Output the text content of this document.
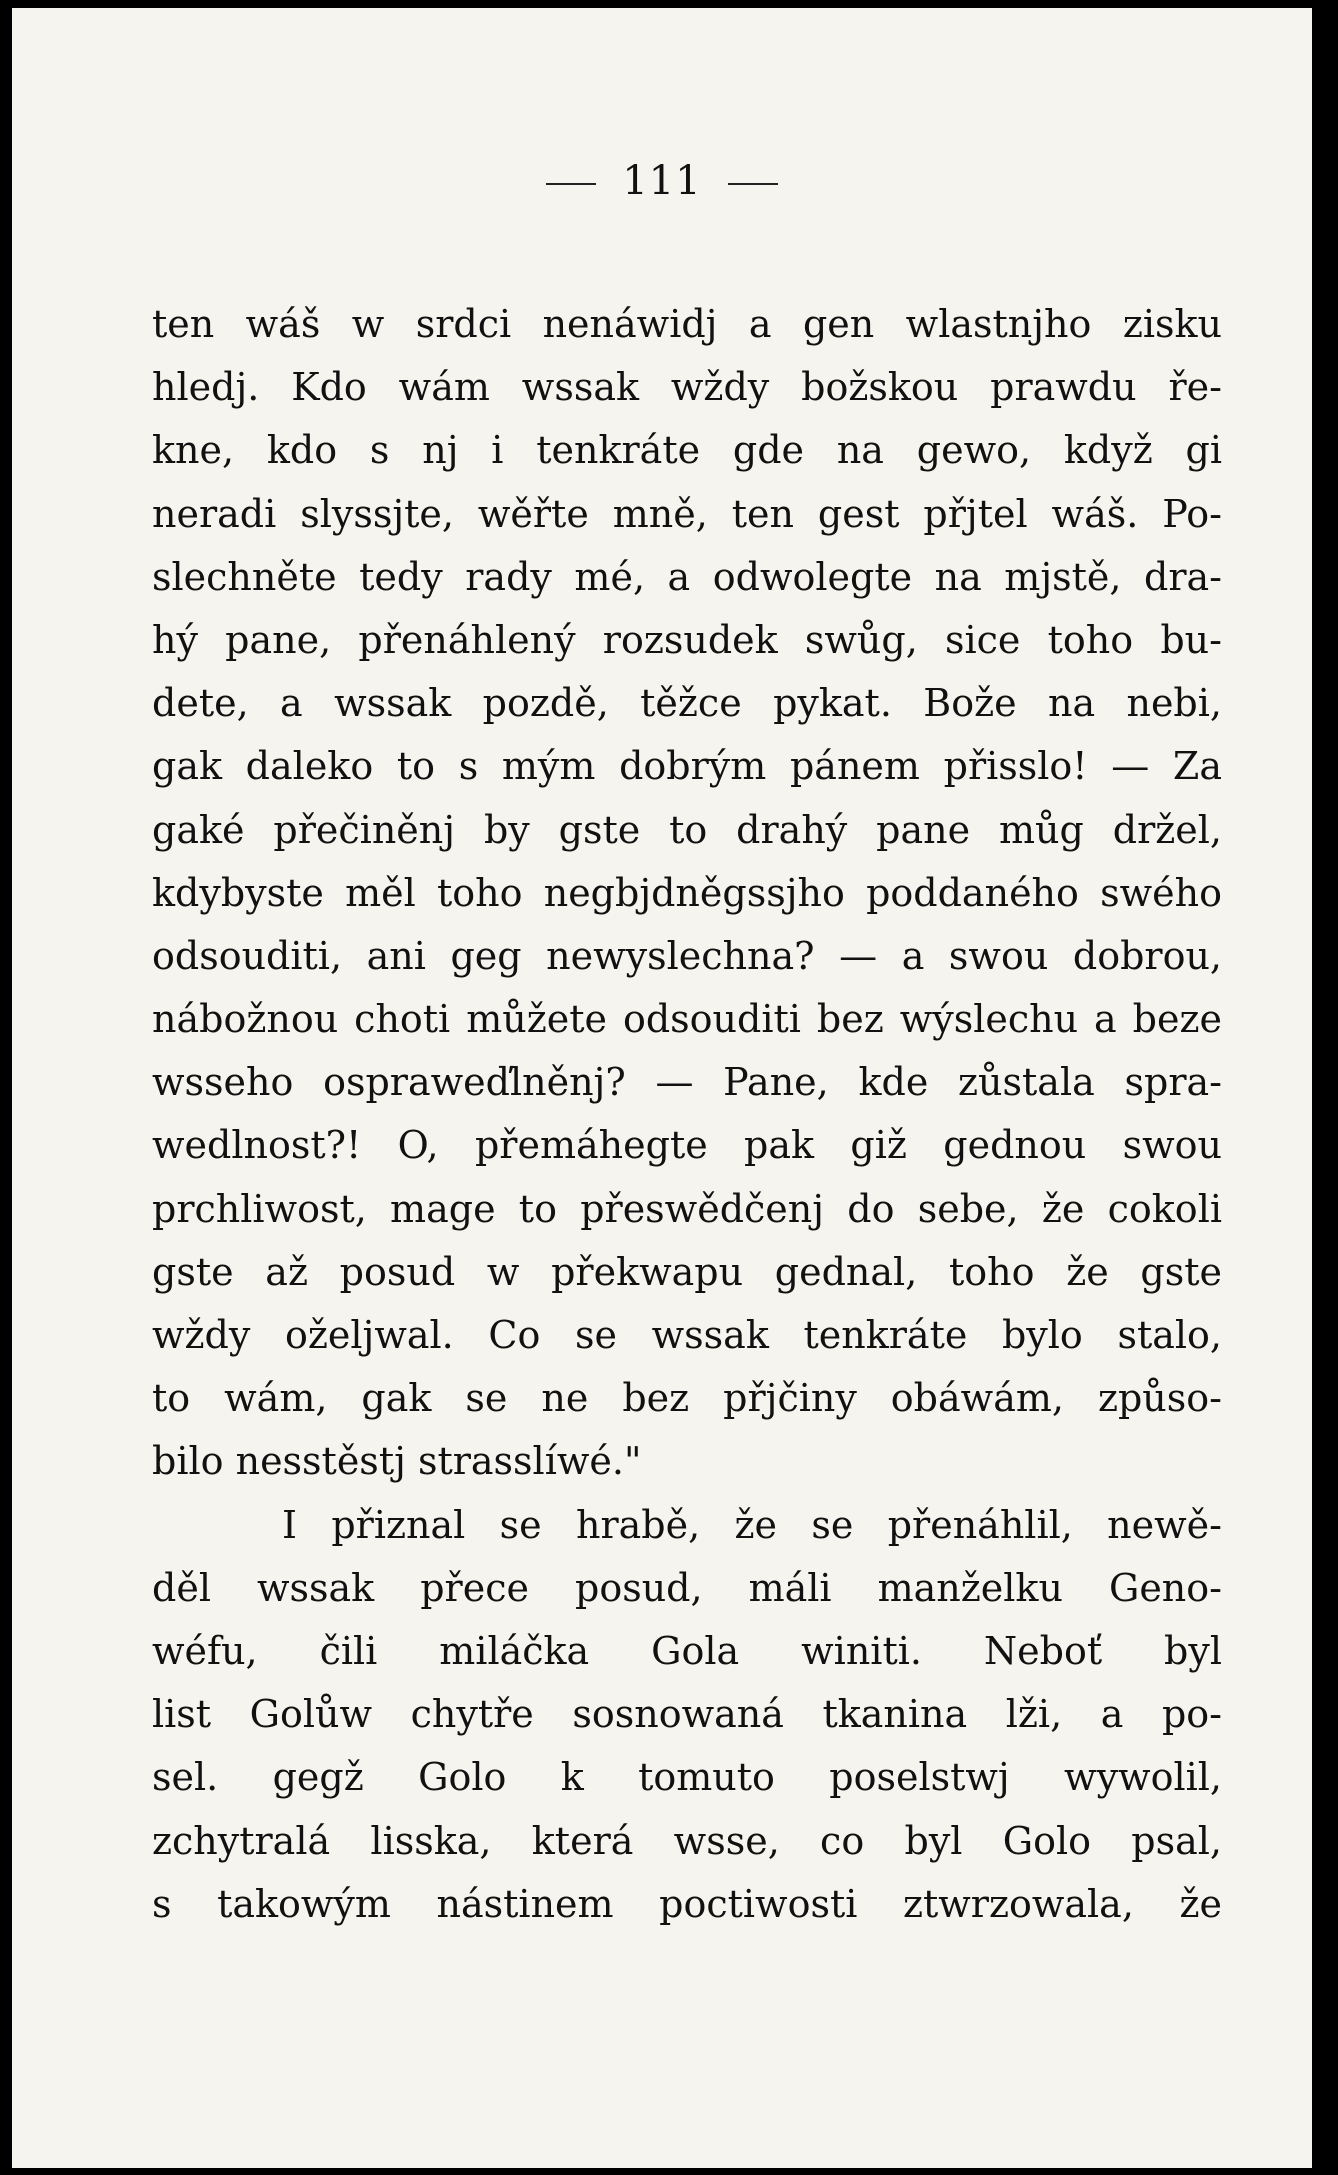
111
ten wáš w srdci nenáwidj a gen wlastnjho zisku
hledj. Kdo wám wssak wždy božskou prawdu ře-
kne, kdo s nj i tenkráte gde na gewo, když gi
neradi slyssjte, wěřte mně, ten gest přjtel wáš. Po-
slechněte tedy rady mé, a odwolegte na mjstě, dra-
hý pane, přenáhlený rozsudek swůg, sice toho bu-
dete, a wssak pozdě, těžce pykat. Bože na nebi,
gak daleko to s mým dobrým pánem přisslo! — Za
gaké přečiněnj by gste to drahý pane můg držel,
kdybyste měl toho negbjdněgssjho poddaného swého
odsouditi, ani geg newyslechna? — a swou dobrou,
nábožnou choti můžete odsouditi bez wýslechu a beze
wsseho ospraweďlněnj? — Pane, kde zůstala spra-
wedlnost?! O, přemáhegte pak giž gednou swou
prchliwost, mage to přeswědčenj do sebe, že cokoli
gste až posud w překwapu gednal, toho že gste
wždy oželjwal. Co se wssak tenkráte bylo stalo,
to wám, gak se ne bez přjčiny obáwám, způso-
bilo nesstěstj strasslíwé."
I přiznal se hrabě, že se přenáhlil, newě-
děl wssak přece posud, máli manželku Geno-
wéfu, čili miláčka Golа winiti. Neboť byl
list Golůw chytře sosnowaná tkanina lži, a po-
sel. gegž Golo k tomuto poselstwj wywolil,
zchytralá lisska, která wsse, co byl Golo psal,
s takowým nástinem poctiwosti ztwrzowala, že
